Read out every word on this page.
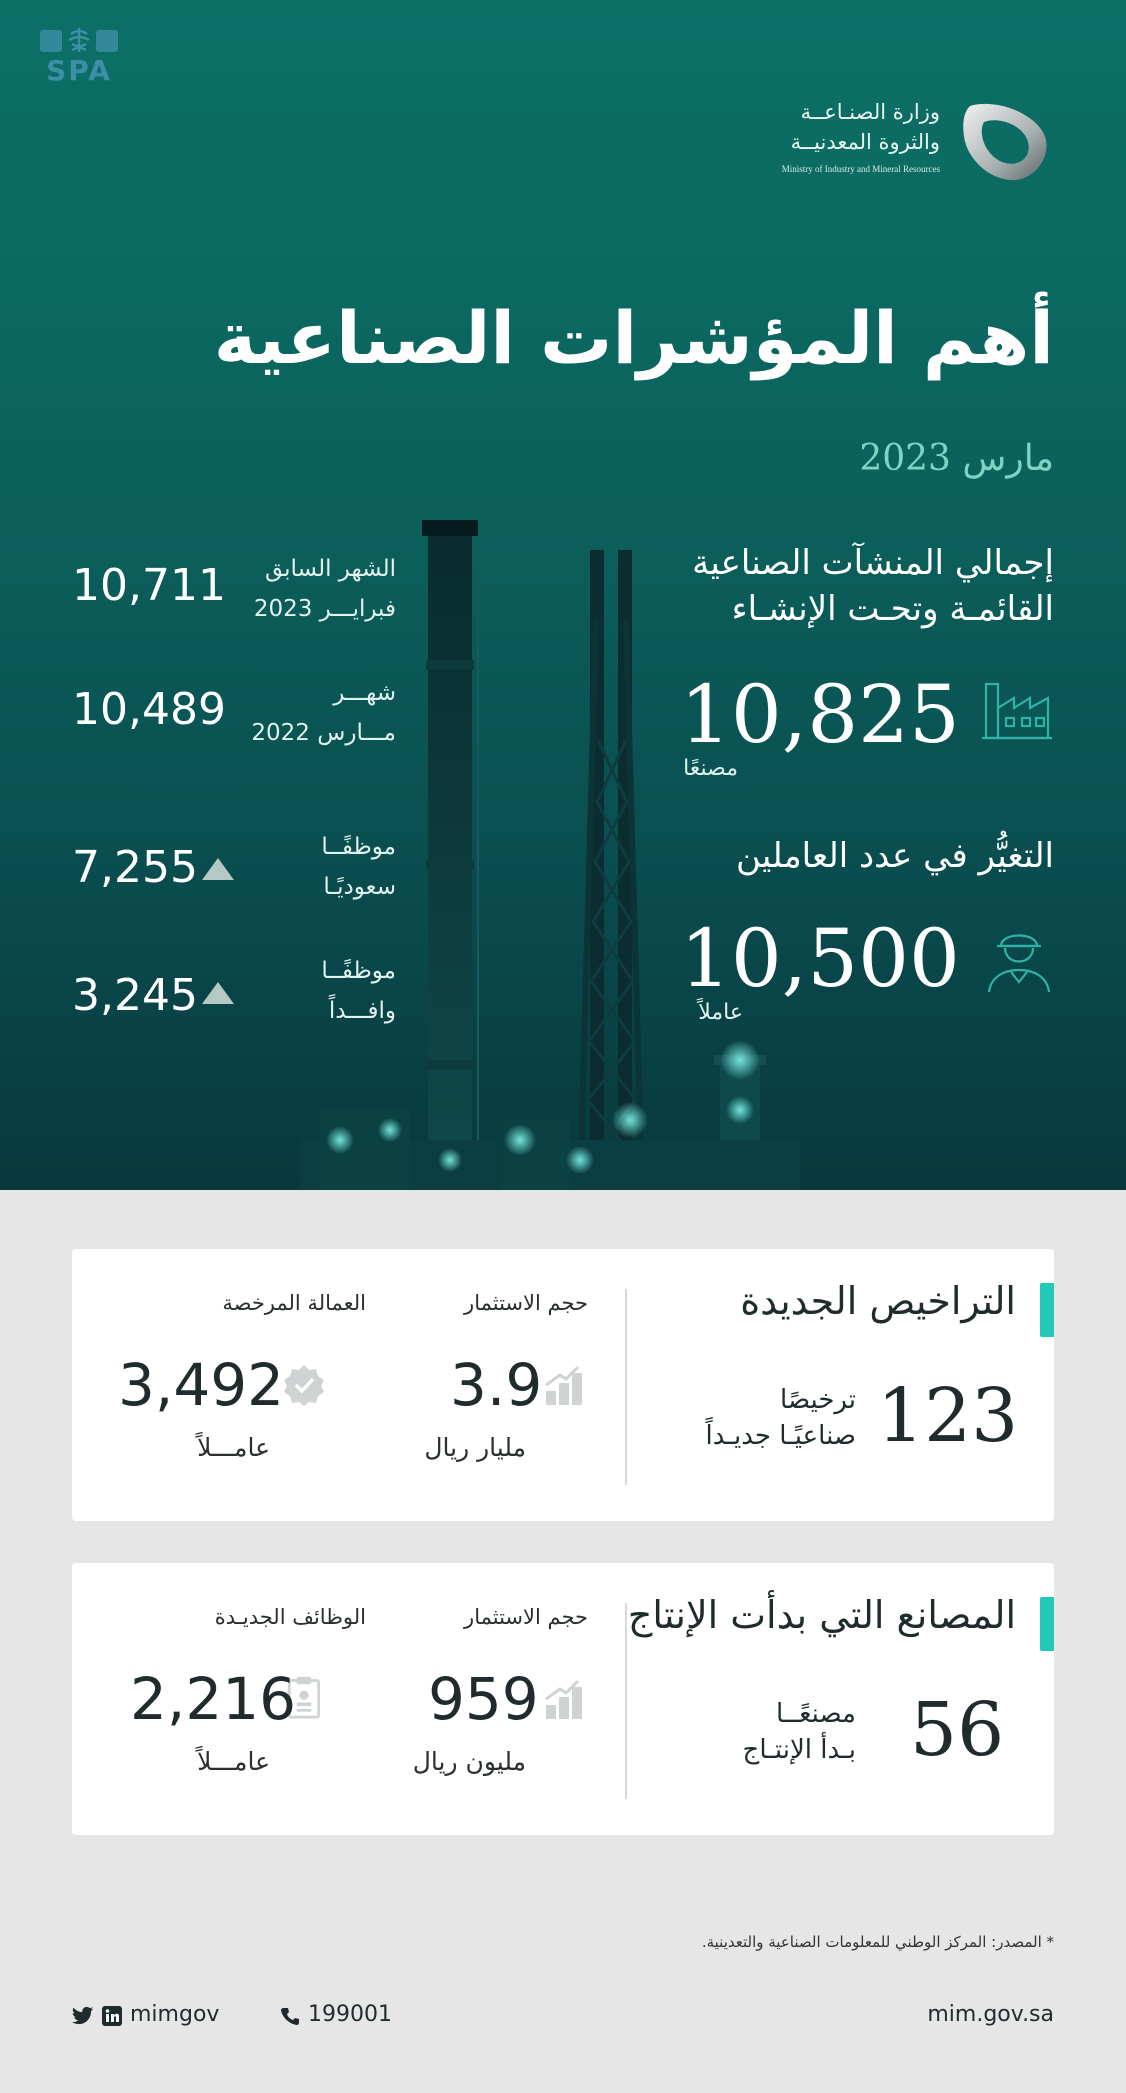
SPA
وزارة الصنـاعــة
والثروة المعدنيــة
Ministry of Industry and Mineral Resources
أهم المؤشرات الصناعية
مارس 2023
إجمالي المنشآت الصناعية
القائمـة وتحـت الإنشـاء
10,825
مصنعًا
التغيُّر في عدد العاملين
10,500
عاملاً
10,711 الشهر السابق
فبرايـــر 2023
10,489	شهـــر
مـــارس 2022
7,255	موظفًــا
سعوديًـا
3,245	موظفًــا
وافـــداً
التراخيص الجديدة
123
ترخيصًا
صناعيًـا جديـداً
حجم الاستثمار
3.9
مليار ريال
العمالة المرخصة
3,492
عامـــلاً
المصانع التي بدأت الإنتاج
56
مصنعًــا
بـدأ الإنتـاج
حجم الاستثمار
959
مليون ريال
الوظائف الجديـدة
2,216
عامـــلاً
* المصدر: المركز الوطني للمعلومات الصناعية والتعدينية.
mim.gov.sa
199001
mimgov
